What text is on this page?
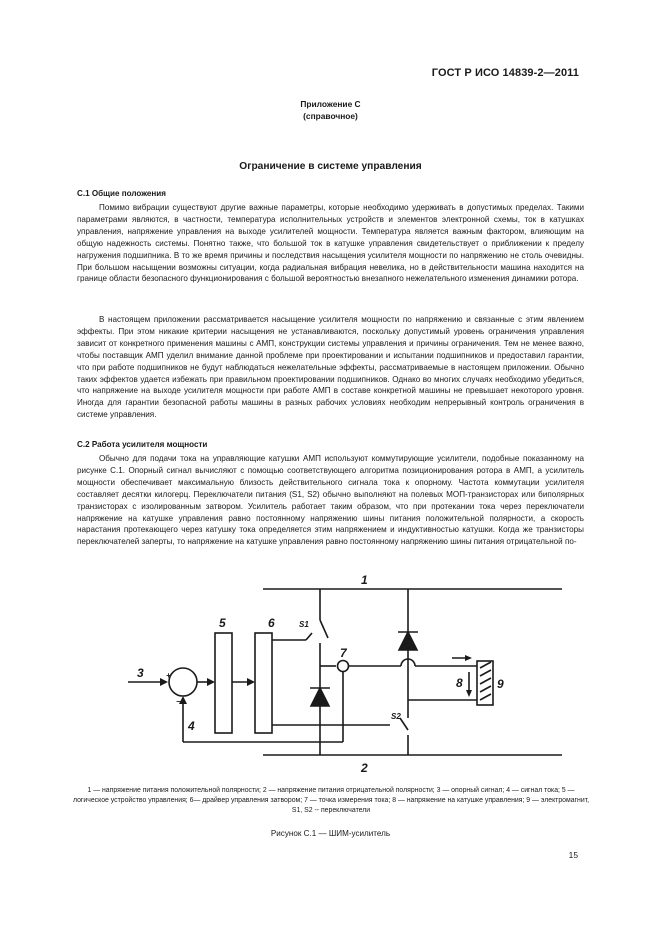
ГОСТ Р ИСО 14839-2—2011
Приложение С
(справочное)
Ограничение в системе управления
С.1 Общие положения
Помимо вибрации существуют другие важные параметры, которые необходимо удерживать в допустимых пределах. Такими параметрами являются, в частности, температура исполнительных устройств и элементов электронной схемы, ток в катушках управления, напряжение управления на выходе усилителей мощности. Температура является важным фактором, влияющим на общую надежность системы. Понятно также, что большой ток в катушке управления свидетельствует о приближении к пределу нагружения подшипника. В то же время причины и последствия насыщения усилителя мощности по напряжению не столь очевидны. При большом насыщении возможны ситуации, когда радиальная вибрация невелика, но в действительности машина находится на границе области безопасного функционирования с большой вероятностью внезапного нежелательного изменения динамики ротора.
В настоящем приложении рассматривается насыщение усилителя мощности по напряжению и связанные с этим явлением эффекты. При этом никакие критерии насыщения не устанавливаются, поскольку допустимый уровень ограничения управления зависит от конкретного применения машины с АМП, конструкции системы управления и причины ограничения. Тем не менее важно, чтобы поставщик АМП уделил внимание данной проблеме при проектировании и испытании подшипников и предоставил гарантии, что при работе подшипников не будут наблюдаться нежелательные эффекты, рассматриваемые в настоящем приложении. Обычно таких эффектов удается избежать при правильном проектировании подшипников. Однако во многих случаях необходимо убедиться, что напряжение на выходе усилителя мощности при работе АМП в составе конкретной машины не превышает некоторого уровня. Иногда для гарантии безопасной работы машины в разных рабочих условиях необходим непрерывный контроль ограничения в системе управления.
С.2 Работа усилителя мощности
Обычно для подачи тока на управляющие катушки АМП используют коммутирующие усилители, подобные показанному на рисунке С.1. Опорный сигнал вычисляют с помощью соответствующего алгоритма позиционирования ротора в АМП, а усилитель мощности обеспечивает максимальную близость действительного сигнала тока к опорному. Частота коммутации усилителя составляет десятки килогерц. Переключатели питания (S1, S2) обычно выполняют на полевых МОП-транзисторах или биполярных транзисторах с изолированным затвором. Усилитель работает таким образом, что при протекании тока через переключатели напряжение на катушке управления равно постоянному напряжению шины питания положительной полярности, а скорость нарастания протекающего через катушку тока определяется этим напряжением и индуктивностью катушки. Когда же транзисторы переключателей заперты, то напряжение на катушке управления равно постоянному напряжению шины питания отрицательной по-
1
2
3
4
5	6
7
8	9
S1
S2
+
−
1 — напряжение питания положительной полярности; 2 — напряжение питания отрицательной полярности; 3 — опорный сигнал; 4 — сигнал тока; 5 — логическое устройство управления; 6— драйвер управления затвором; 7 — точка измерения тока; 8 — напряжение на катушке управления; 9 — электромагнит, S1, S2 -- переключатели
Рисунок С.1 — ШИМ-усилитель
15
